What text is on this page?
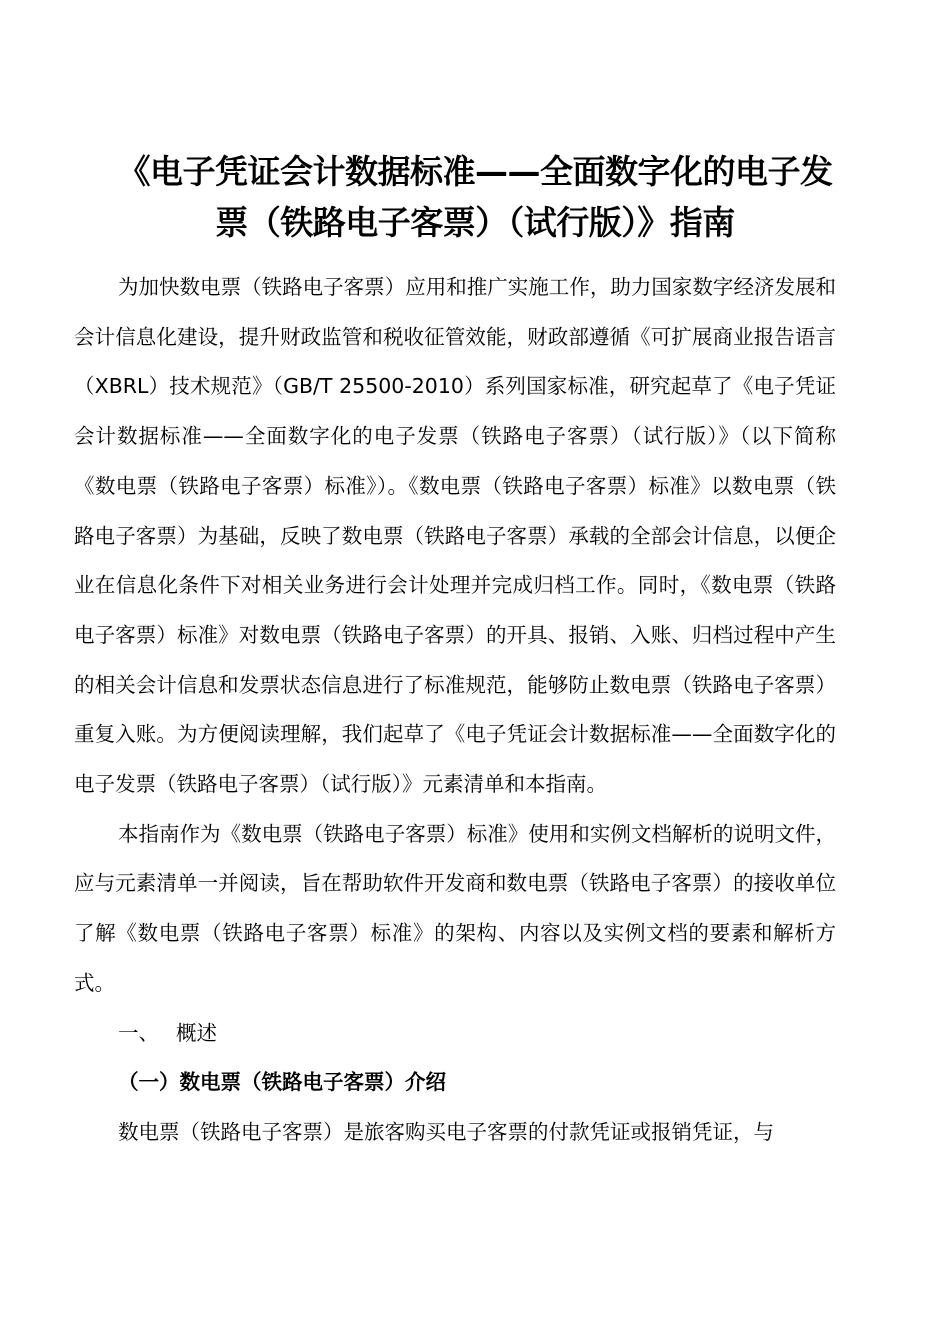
《电子凭证会计数据标准——全面数字化的电子发
票（铁路电子客票）（试行版）》指南

为加快数电票（铁路电子客票）应用和推广实施工作，助力国家数字经济发展和会计信息化建设，提升财政监管和税收征管效能，财政部遵循《可扩展商业报告语言（XBRL）技术规范》（GB/T 25500-2010）系列国家标准，研究起草了《电子凭证会计数据标准——全面数字化的电子发票（铁路电子客票）（试行版）》（以下简称《数电票（铁路电子客票）标准》）。《数电票（铁路电子客票）标准》以数电票（铁路电子客票）为基础，反映了数电票（铁路电子客票）承载的全部会计信息，以便企业在信息化条件下对相关业务进行会计处理并完成归档工作。同时，《数电票（铁路电子客票）标准》对数电票（铁路电子客票）的开具、报销、入账、归档过程中产生的相关会计信息和发票状态信息进行了标准规范，能够防止数电票（铁路电子客票）重复入账。为方便阅读理解，我们起草了《电子凭证会计数据标准——全面数字化的电子发票（铁路电子客票）（试行版）》元素清单和本指南。

本指南作为《数电票（铁路电子客票）标准》使用和实例文档解析的说明文件，应与元素清单一并阅读，旨在帮助软件开发商和数电票（铁路电子客票）的接收单位了解《数电票（铁路电子客票）标准》的架构、内容以及实例文档的要素和解析方式。

一、 概述

（一）数电票（铁路电子客票）介绍

数电票（铁路电子客票）是旅客购买电子客票的付款凭证或报销凭证，与
